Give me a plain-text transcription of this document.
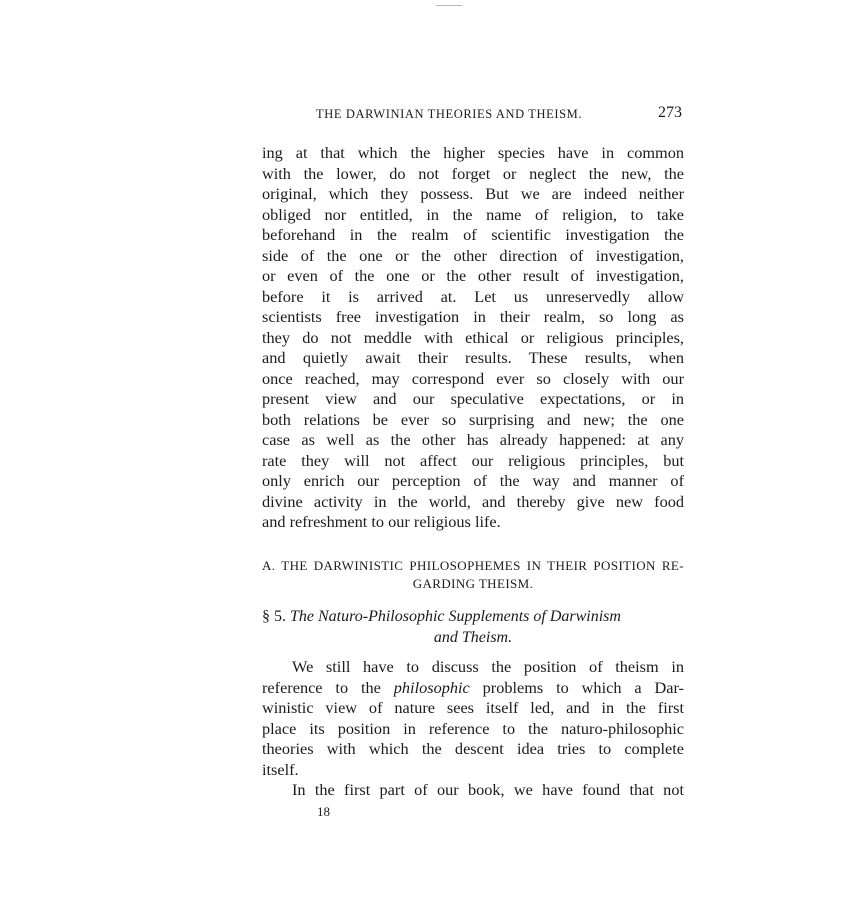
THE DARWINIAN THEORIES AND THEISM.	273
ing at that which the higher species have in common
with the lower, do not forget or neglect the new, the
original, which they possess. But we are indeed neither
obliged nor entitled, in the name of religion, to take
beforehand in the realm of scientific investigation the
side of the one or the other direction of investigation,
or even of the one or the other result of investigation,
before it is arrived at. Let us unreservedly allow
scientists free investigation in their realm, so long as
they do not meddle with ethical or religious principles,
and quietly await their results. These results, when
once reached, may correspond ever so closely with our
present view and our speculative expectations, or in
both relations be ever so surprising and new; the one
case as well as the other has already happened: at any
rate they will not affect our religious principles, but
only enrich our perception of the way and manner of
divine activity in the world, and thereby give new food
and refreshment to our religious life.
A. THE DARWINISTIC PHILOSOPHEMES IN THEIR POSITION RE-
GARDING THEISM.
§ 5. The Naturo-Philosophic Supplements of Darwinism
and Theism.
We still have to discuss the position of theism in
reference to the philosophic problems to which a Dar-
winistic view of nature sees itself led, and in the first
place its position in reference to the naturo-philosophic
theories with which the descent idea tries to complete
itself.
In the first part of our book, we have found that not
18
